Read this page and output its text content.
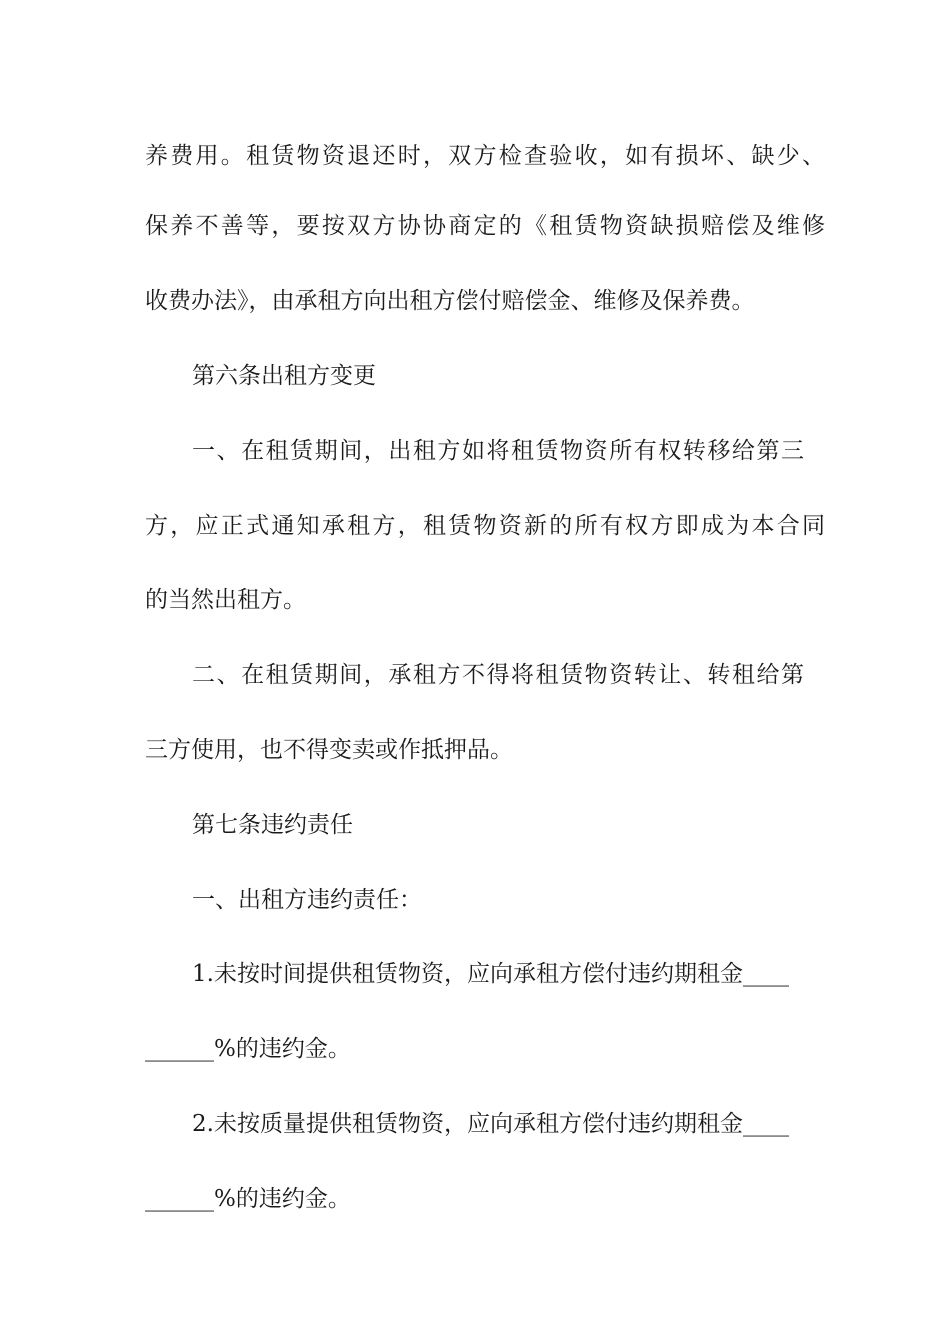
养费用。租赁物资退还时，双方检查验收，如有损坏、缺少、
保养不善等，要按双方协协商定的《租赁物资缺损赔偿及维修
收费办法》，由承租方向出租方偿付赔偿金、维修及保养费。
第六条出租方变更
一、在租赁期间，出租方如将租赁物资所有权转移给第三
方，应正式通知承租方，租赁物资新的所有权方即成为本合同
的当然出租方。
二、在租赁期间，承租方不得将租赁物资转让、转租给第
三方使用，也不得变卖或作抵押品。
第七条违约责任
一、出租方违约责任：
1.未按时间提供租赁物资，应向承租方偿付违约期租金____
______%的违约金。
2.未按质量提供租赁物资，应向承租方偿付违约期租金____
______%的违约金。
